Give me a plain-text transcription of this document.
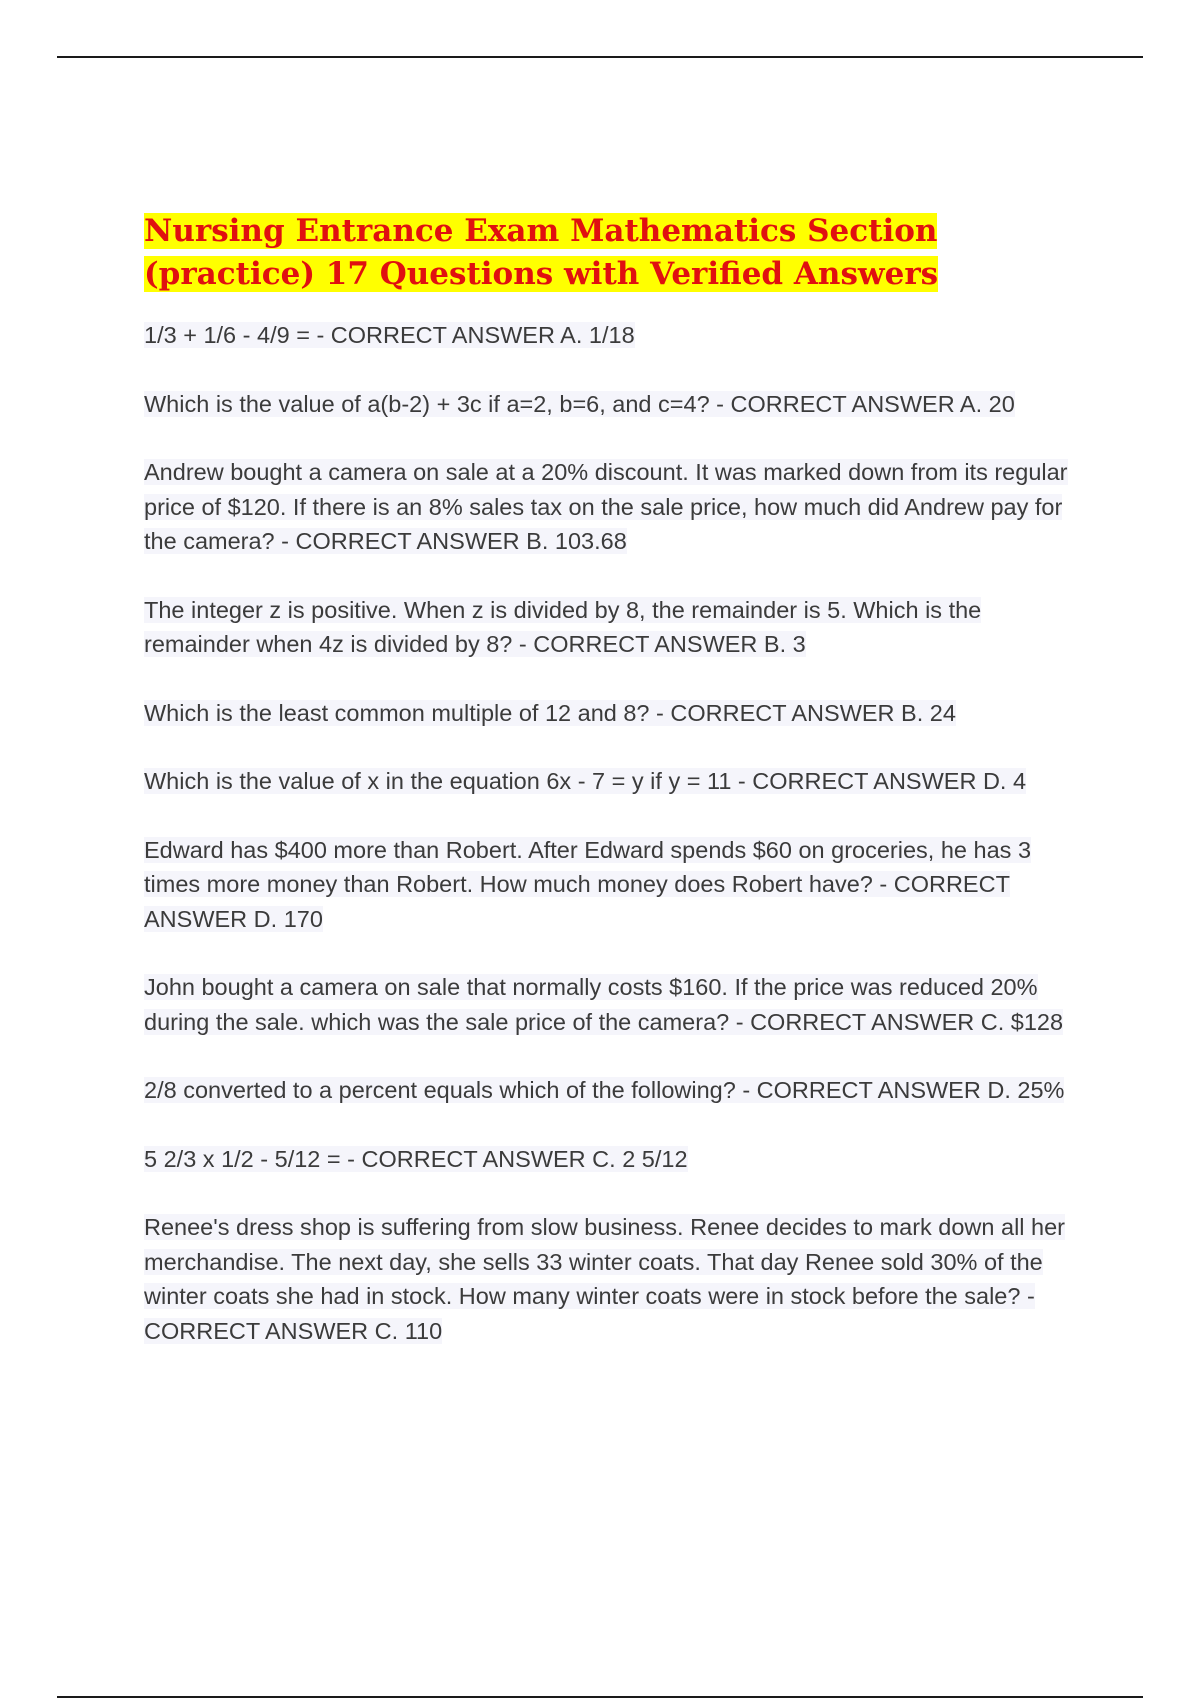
Nursing Entrance Exam Mathematics Section (practice) 17 Questions with Verified Answers
1/3 + 1/6 - 4/9 = - CORRECT ANSWER A. 1/18
Which is the value of a(b-2) + 3c if a=2, b=6, and c=4? - CORRECT ANSWER A. 20
Andrew bought a camera on sale at a 20% discount. It was marked down from its regular price of $120. If there is an 8% sales tax on the sale price, how much did Andrew pay for the camera? - CORRECT ANSWER B. 103.68
The integer z is positive. When z is divided by 8, the remainder is 5. Which is the remainder when 4z is divided by 8? - CORRECT ANSWER B. 3
Which is the least common multiple of 12 and 8? - CORRECT ANSWER B. 24
Which is the value of x in the equation 6x - 7 = y if y = 11 - CORRECT ANSWER D. 4
Edward has $400 more than Robert. After Edward spends $60 on groceries, he has 3 times more money than Robert. How much money does Robert have? - CORRECT ANSWER D. 170
John bought a camera on sale that normally costs $160. If the price was reduced 20% during the sale. which was the sale price of the camera? - CORRECT ANSWER C. $128
2/8 converted to a percent equals which of the following? - CORRECT ANSWER D. 25%
5 2/3 x 1/2 - 5/12 = - CORRECT ANSWER C. 2 5/12
Renee's dress shop is suffering from slow business. Renee decides to mark down all her merchandise. The next day, she sells 33 winter coats. That day Renee sold 30% of the winter coats she had in stock. How many winter coats were in stock before the sale? - CORRECT ANSWER C. 110
